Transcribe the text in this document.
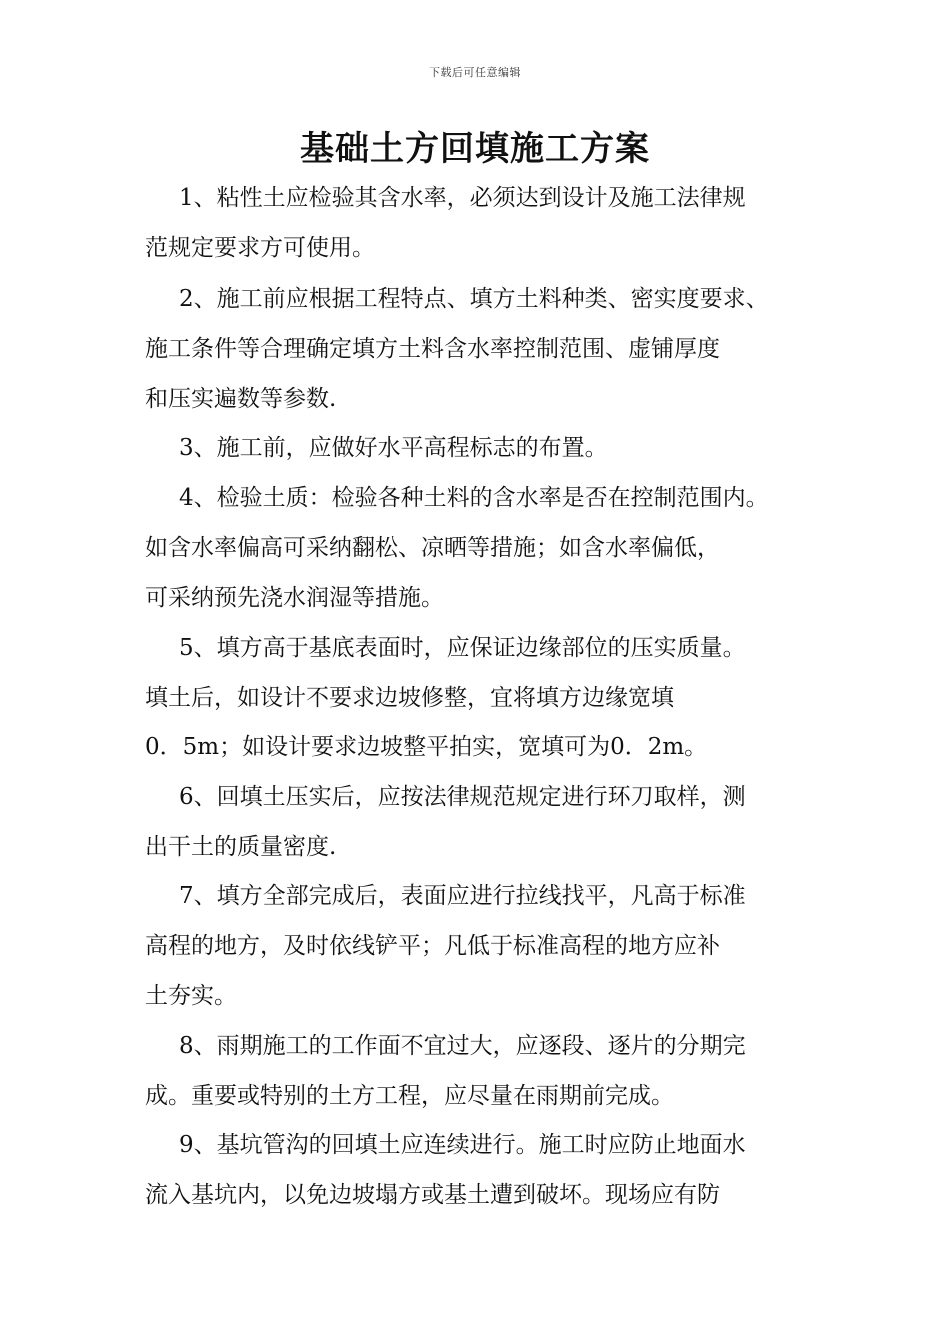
下载后可任意编辑
基础土方回填施工方案
1、粘性土应检验其含水率，必须达到设计及施工法律规
范规定要求方可使用。
2、施工前应根据工程特点、填方土料种类、密实度要求、
施工条件等合理确定填方土料含水率控制范围、虚铺厚度
和压实遍数等参数.
3、施工前，应做好水平高程标志的布置。
4、检验土质：检验各种土料的含水率是否在控制范围内。
如含水率偏高可采纳翻松、凉晒等措施；如含水率偏低，
可采纳预先浇水润湿等措施。
5、填方高于基底表面时，应保证边缘部位的压实质量。
填土后，如设计不要求边坡修整，宜将填方边缘宽填
0．5m；如设计要求边坡整平拍实，宽填可为0．2m。
6、回填土压实后，应按法律规范规定进行环刀取样，测
出干土的质量密度.
7、填方全部完成后，表面应进行拉线找平，凡高于标准
高程的地方，及时依线铲平；凡低于标准高程的地方应补
土夯实。
8、雨期施工的工作面不宜过大，应逐段、逐片的分期完
成。重要或特别的土方工程，应尽量在雨期前完成。
9、基坑管沟的回填土应连续进行。施工时应防止地面水
流入基坑内，以免边坡塌方或基土遭到破坏。现场应有防
